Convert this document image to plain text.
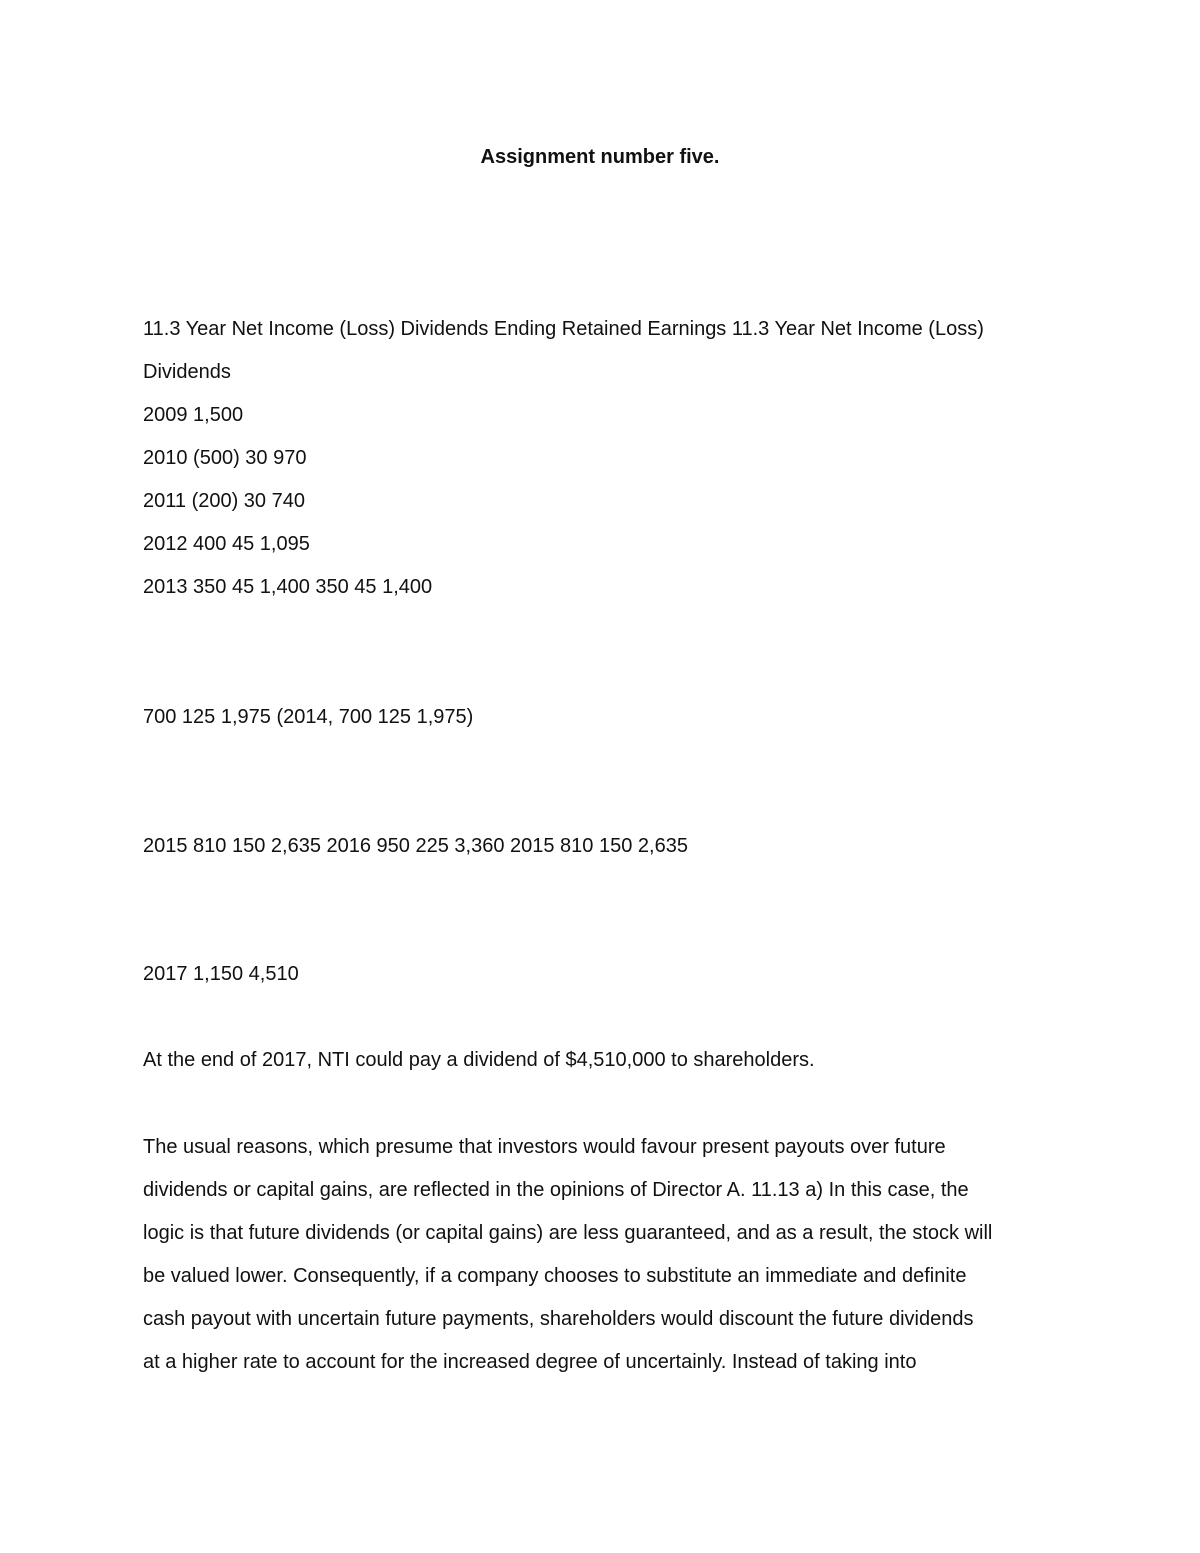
Assignment number five.
11.3 Year Net Income (Loss) Dividends Ending Retained Earnings 11.3 Year Net Income (Loss)
Dividends
2009 1,500
2010 (500) 30 970
2011 (200) 30 740
2012 400 45 1,095
2013 350 45 1,400 350 45 1,400
700 125 1,975 (2014, 700 125 1,975)
2015 810 150 2,635 2016 950 225 3,360 2015 810 150 2,635
2017 1,150 4,510
At the end of 2017, NTI could pay a dividend of $4,510,000 to shareholders.
The usual reasons, which presume that investors would favour present payouts over future
dividends or capital gains, are reflected in the opinions of Director A. 11.13 a) In this case, the
logic is that future dividends (or capital gains) are less guaranteed, and as a result, the stock will
be valued lower. Consequently, if a company chooses to substitute an immediate and definite
cash payout with uncertain future payments, shareholders would discount the future dividends
at a higher rate to account for the increased degree of uncertainly. Instead of taking into
